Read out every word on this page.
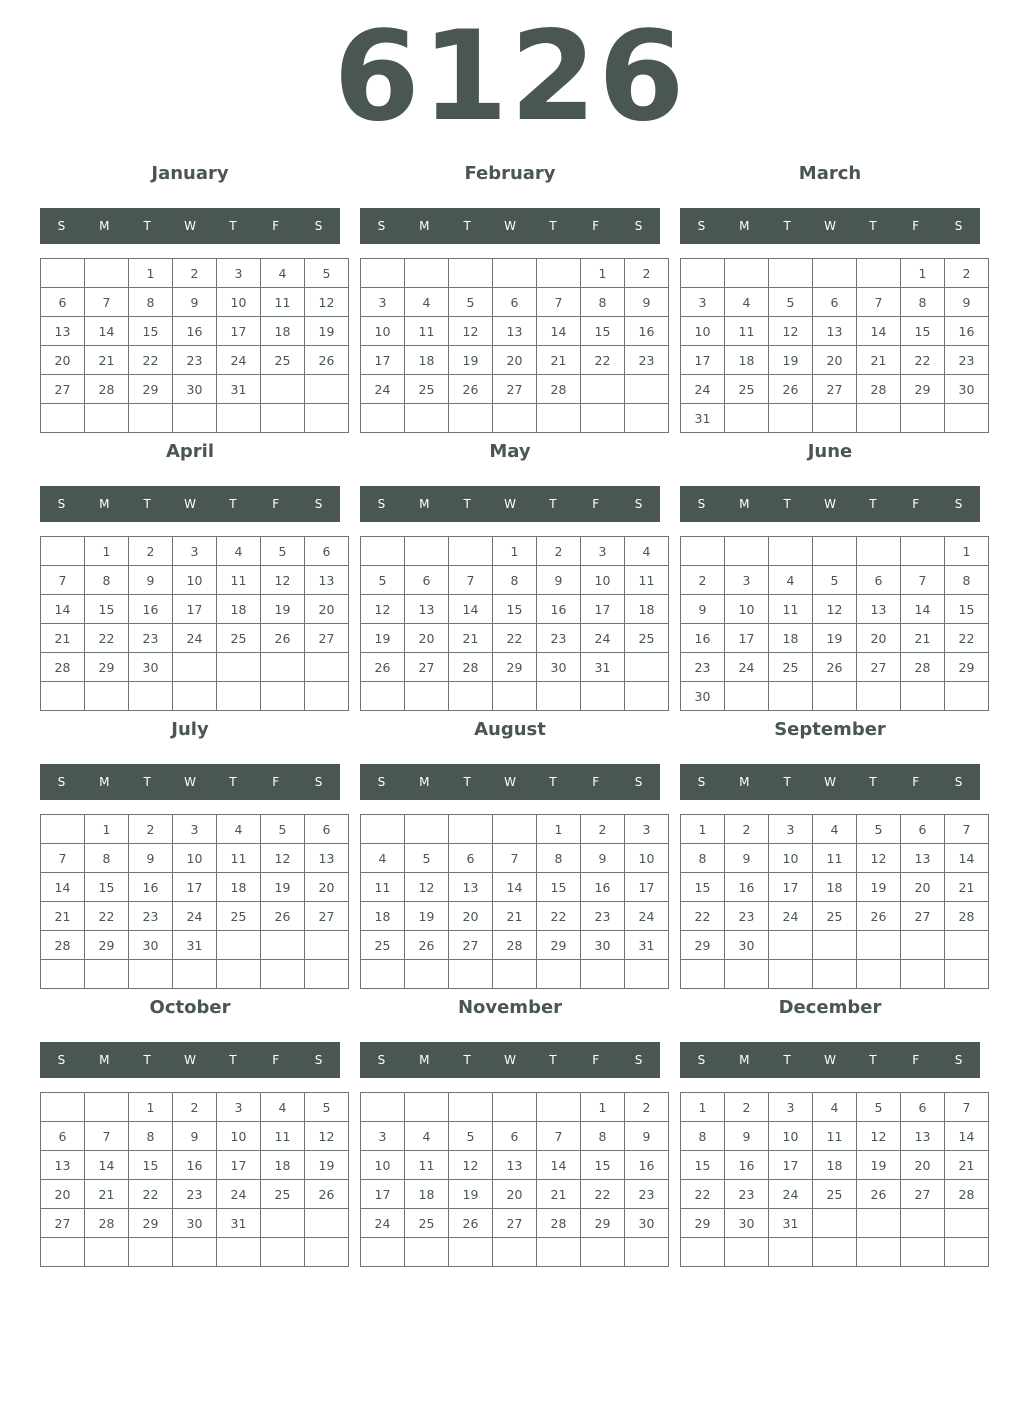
6126
January
S	M	T	W	T	F	S
		1	2	3	4	5
6	7	8	9	10	11	12
13	14	15	16	17	18	19
20	21	22	23	24	25	26
27	28	29	30	31		

February
S	M	T	W	T	F	S
					1	2
3	4	5	6	7	8	9
10	11	12	13	14	15	16
17	18	19	20	21	22	23
24	25	26	27	28		

March
S	M	T	W	T	F	S
					1	2
3	4	5	6	7	8	9
10	11	12	13	14	15	16
17	18	19	20	21	22	23
24	25	26	27	28	29	30
31						
April
S	M	T	W	T	F	S
	1	2	3	4	5	6
7	8	9	10	11	12	13
14	15	16	17	18	19	20
21	22	23	24	25	26	27
28	29	30				

May
S	M	T	W	T	F	S
			1	2	3	4
5	6	7	8	9	10	11
12	13	14	15	16	17	18
19	20	21	22	23	24	25
26	27	28	29	30	31	

June
S	M	T	W	T	F	S
						1
2	3	4	5	6	7	8
9	10	11	12	13	14	15
16	17	18	19	20	21	22
23	24	25	26	27	28	29
30						
July
S	M	T	W	T	F	S
	1	2	3	4	5	6
7	8	9	10	11	12	13
14	15	16	17	18	19	20
21	22	23	24	25	26	27
28	29	30	31			

August
S	M	T	W	T	F	S
				1	2	3
4	5	6	7	8	9	10
11	12	13	14	15	16	17
18	19	20	21	22	23	24
25	26	27	28	29	30	31

September
S	M	T	W	T	F	S
1	2	3	4	5	6	7
8	9	10	11	12	13	14
15	16	17	18	19	20	21
22	23	24	25	26	27	28
29	30					

October
S	M	T	W	T	F	S
		1	2	3	4	5
6	7	8	9	10	11	12
13	14	15	16	17	18	19
20	21	22	23	24	25	26
27	28	29	30	31		

November
S	M	T	W	T	F	S
					1	2
3	4	5	6	7	8	9
10	11	12	13	14	15	16
17	18	19	20	21	22	23
24	25	26	27	28	29	30

December
S	M	T	W	T	F	S
1	2	3	4	5	6	7
8	9	10	11	12	13	14
15	16	17	18	19	20	21
22	23	24	25	26	27	28
29	30	31				
